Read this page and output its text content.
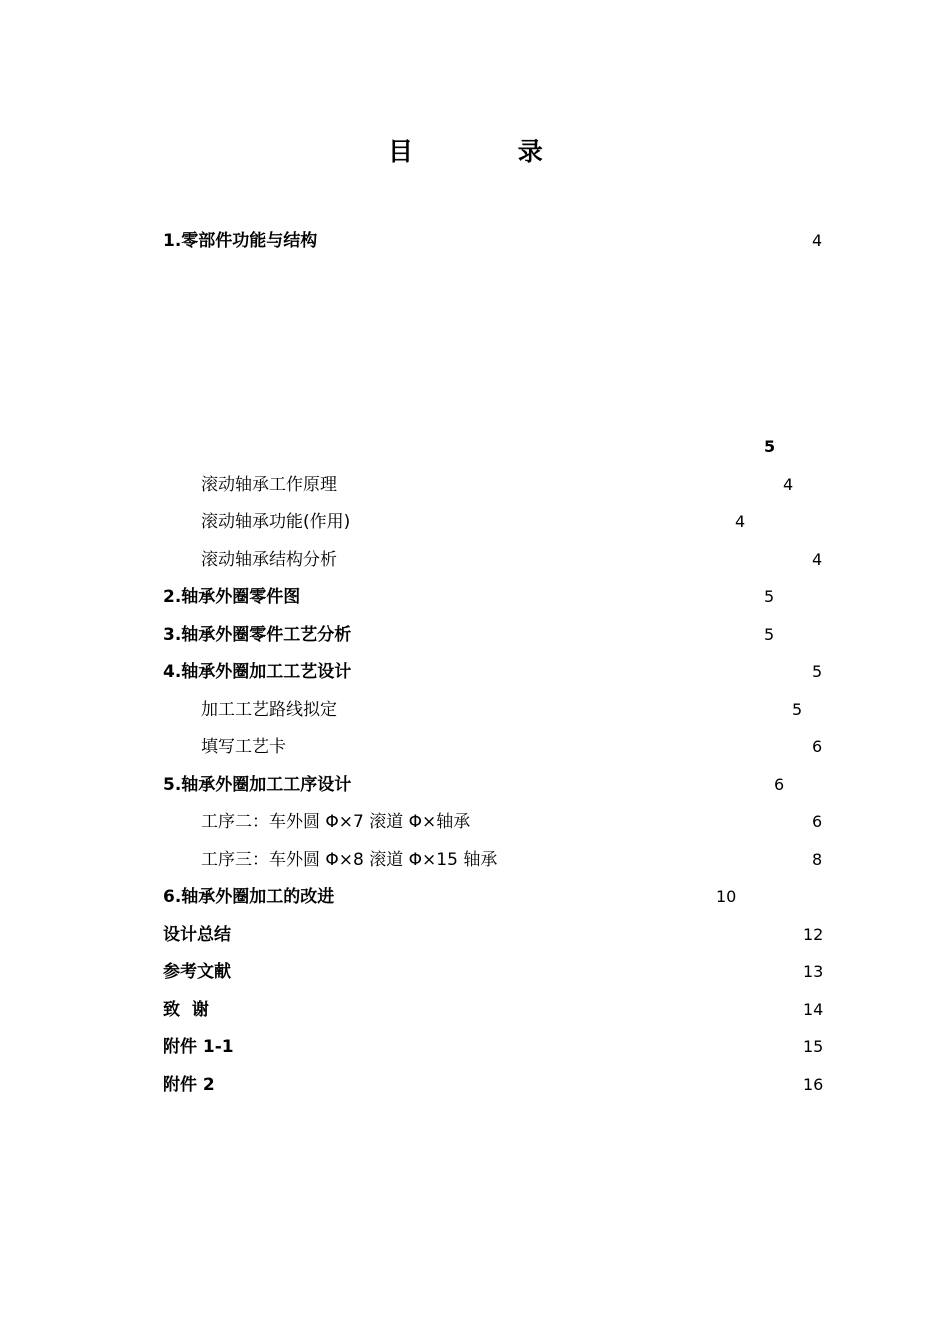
目 录
1.零部件功能与结构	4
5
滚动轴承工作原理	4
滚动轴承功能(作用)	4
滚动轴承结构分析	4
2.轴承外圈零件图	5
3.轴承外圈零件工艺分析	5
4.轴承外圈加工工艺设计	5
加工工艺路线拟定	5
填写工艺卡	6
5.轴承外圈加工工序设计	6
工序二：车外圆 Φ×7 滚道 Φ×轴承	6
工序三：车外圆 Φ×8 滚道 Φ×15 轴承	8
6.轴承外圈加工的改进	10
设计总结	12
参考文献	13
致 谢	14
附件 1-1	15
附件 2	16
